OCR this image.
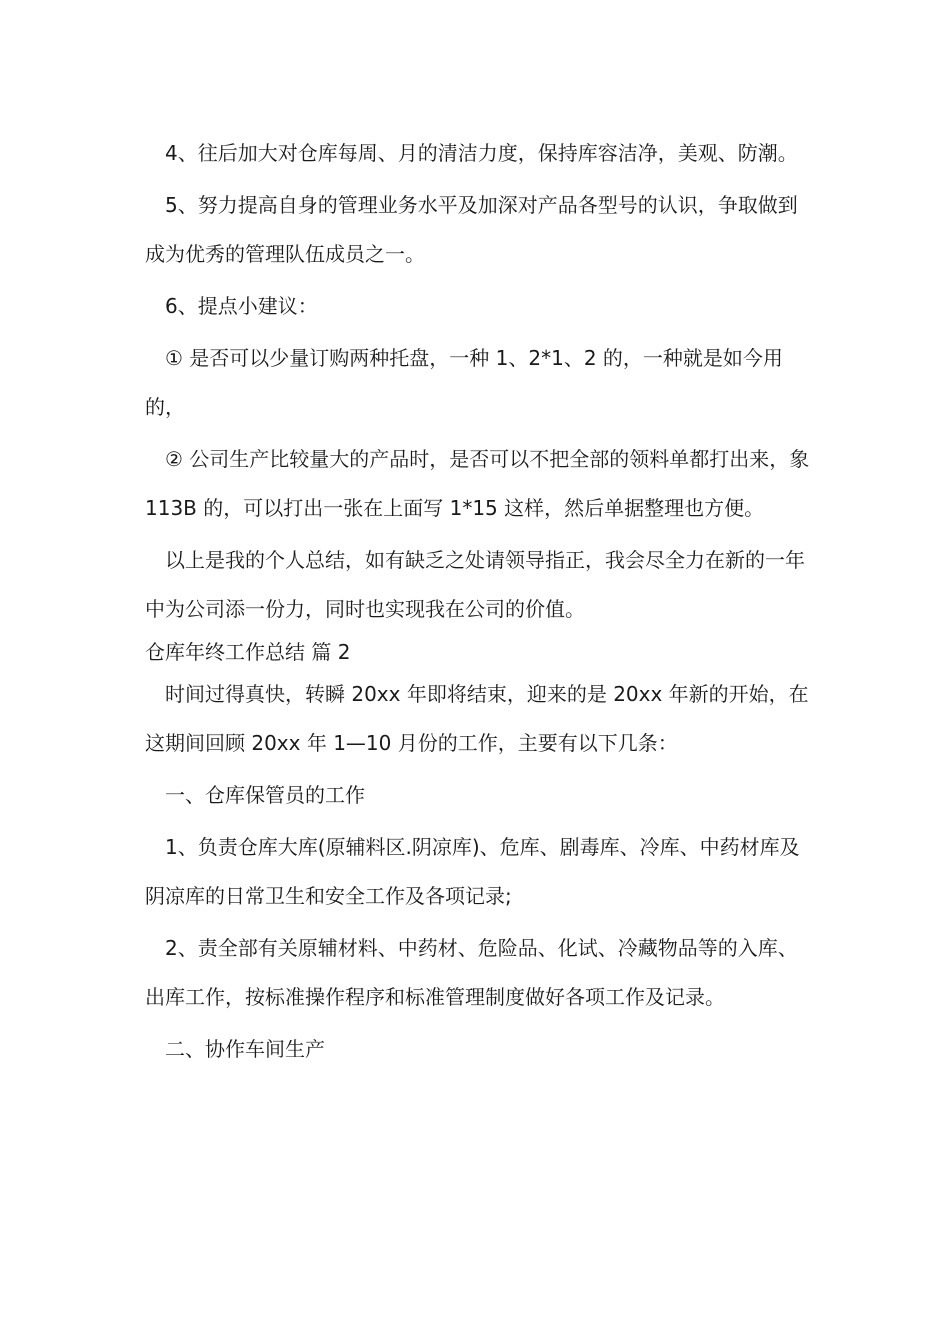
4、往后加大对仓库每周、月的清洁力度，保持库容洁净，美观、防潮。

5、努力提高自身的管理业务水平及加深对产品各型号的认识，争取做到成为优秀的管理队伍成员之一。

6、提点小建议：

① 是否可以少量订购两种托盘，一种 1、2*1、2 的，一种就是如今用的，

② 公司生产比较量大的产品时，是否可以不把全部的领料单都打出来，象 113B 的，可以打出一张在上面写 1*15 这样，然后单据整理也方便。

以上是我的个人总结，如有缺乏之处请领导指正，我会尽全力在新的一年中为公司添一份力，同时也实现我在公司的价值。

仓库年终工作总结 篇 2

时间过得真快，转瞬 20xx 年即将结束，迎来的是 20xx 年新的开始，在这期间回顾 20xx 年 1—10 月份的工作，主要有以下几条：

一、仓库保管员的工作

1、负责仓库大库(原辅料区.阴凉库)、危库、剧毒库、冷库、中药材库及阴凉库的日常卫生和安全工作及各项记录;

2、责全部有关原辅材料、中药材、危险品、化试、冷藏物品等的入库、出库工作，按标准操作程序和标准管理制度做好各项工作及记录。

二、协作车间生产
